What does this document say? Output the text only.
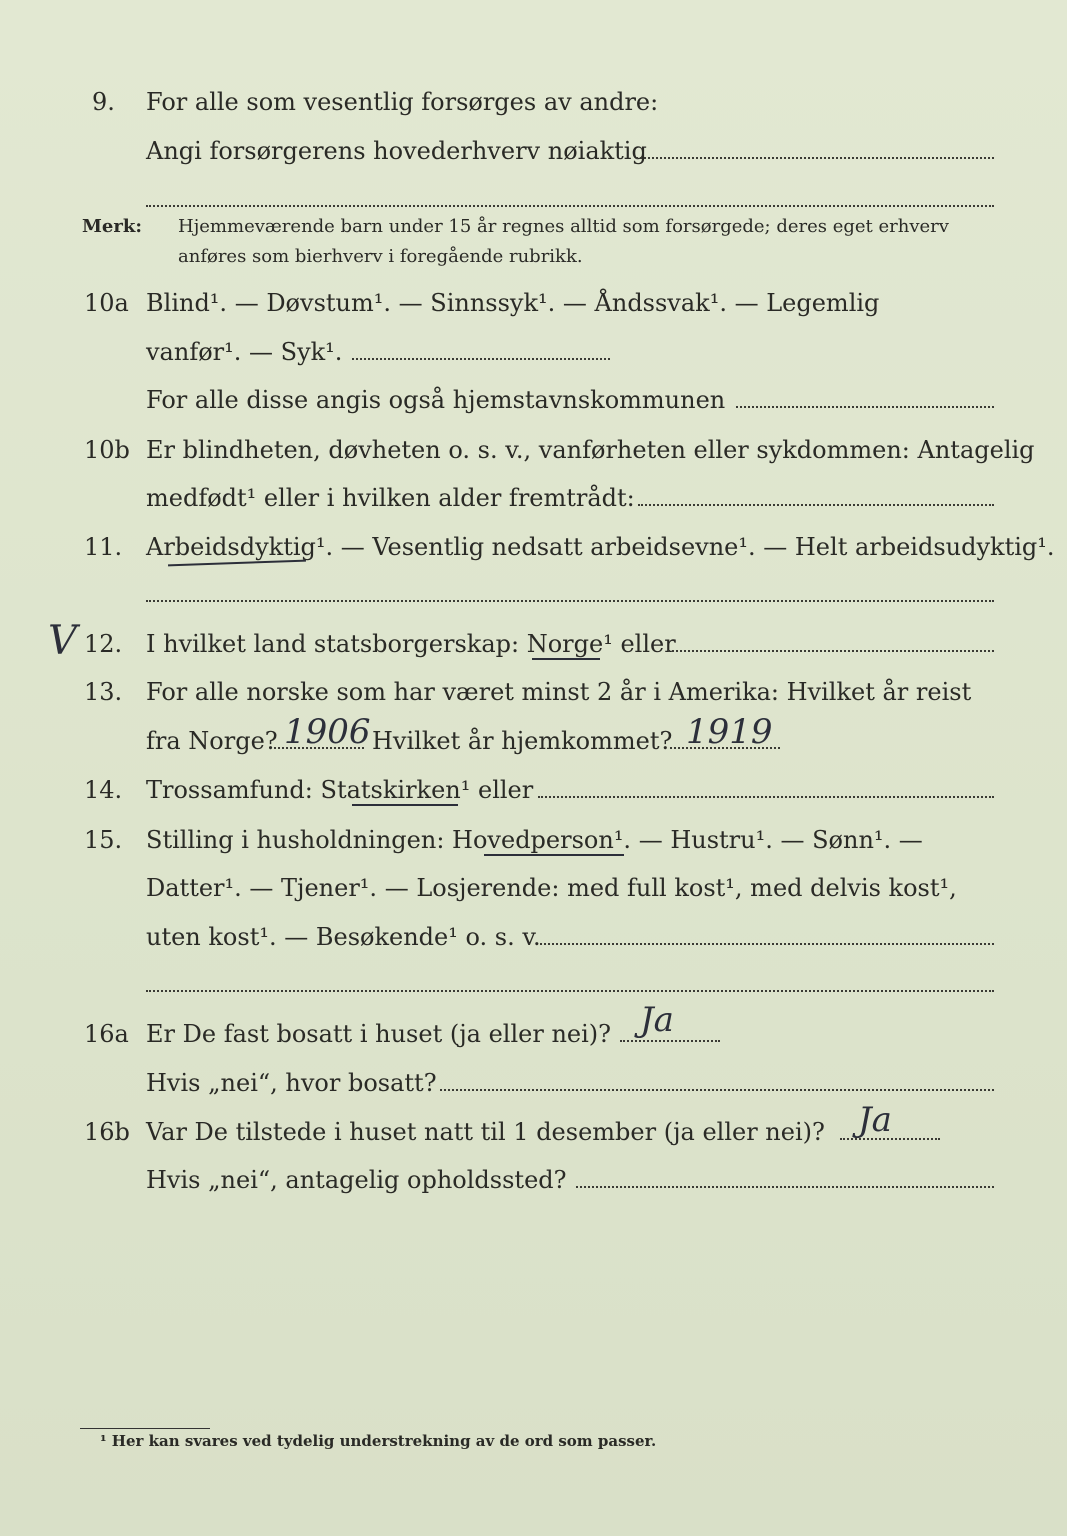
9. For alle som vesentlig forsørges av andre:
Angi forsørgerens hovederhverv nøiaktig
Merk: Hjemmeværende barn under 15 år regnes alltid som forsørgede; deres eget erhverv
anføres som bierhverv i foregående rubrikk.
10a Blind¹. — Døvstum¹. — Sinnssyk¹. — Åndssvak¹. — Legemlig
vanfør¹. — Syk¹.
For alle disse angis også hjemstavnskommunen
10b Er blindheten, døvheten o. s. v., vanførheten eller sykdommen: Antagelig
medfødt¹ eller i hvilken alder fremtrådt:
11. Arbeidsdyktig¹. — Vesentlig nedsatt arbeidsevne¹. — Helt arbeidsudyktig¹.
V 12. I hvilket land statsborgerskap: Norge¹ eller
13. For alle norske som har været minst 2 år i Amerika: Hvilket år reist
fra Norge?	Hvilket år hjemkommet?
1906	1919
14. Trossamfund: Statskirken¹ eller
15. Stilling i husholdningen: Hovedperson¹. — Hustru¹. — Sønn¹. —
Datter¹. — Tjener¹. — Losjerende: med full kost¹, med delvis kost¹,
uten kost¹. — Besøkende¹ o. s. v.
16a Er De fast bosatt i huset (ja eller nei)? Ja
Hvis „nei“, hvor bosatt?
16b Var De tilstede i huset natt til 1 desember (ja eller nei)? Ja
Hvis „nei“, antagelig opholdssted?
¹ Her kan svares ved tydelig understrekning av de ord som passer.
